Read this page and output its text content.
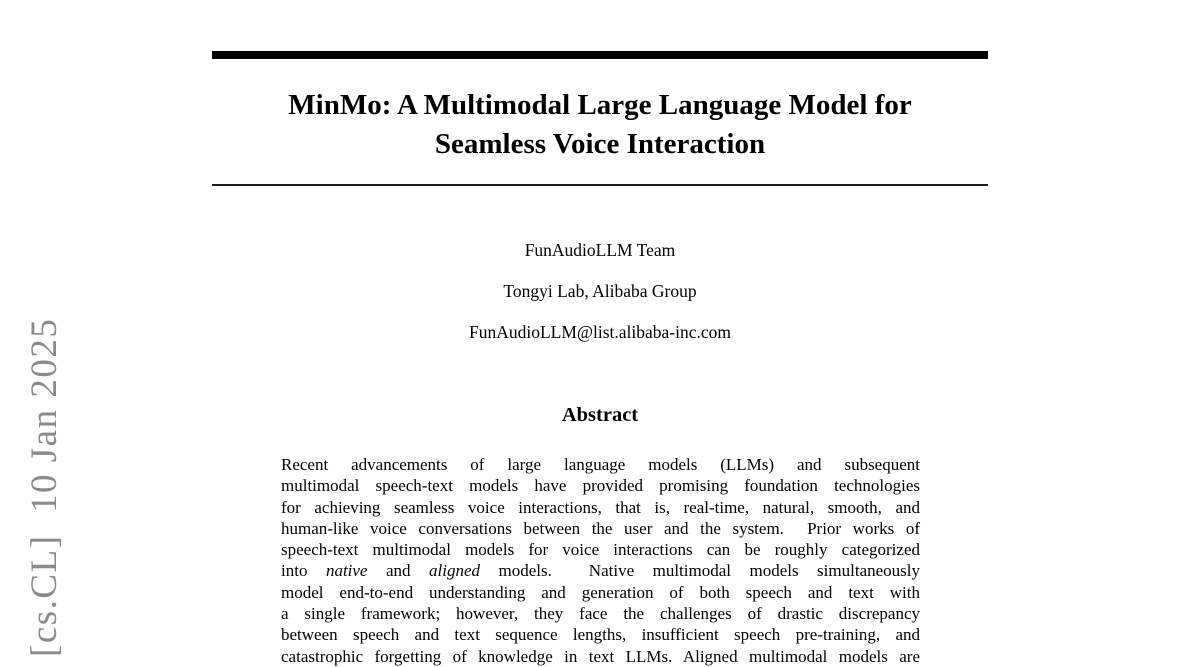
[cs.CL]  10 Jan 2025
MinMo: A Multimodal Large Language Model for
Seamless Voice Interaction
FunAudioLLM Team
Tongyi Lab, Alibaba Group
FunAudioLLM@list.alibaba-inc.com
Abstract
Recent advancements of large language models (LLMs) and subsequent
multimodal speech-text models have provided promising foundation technologies
for achieving seamless voice interactions, that is, real-time, natural, smooth, and
human-like voice conversations between the user and the system.  Prior works of
speech-text multimodal models for voice interactions can be roughly categorized
into native and aligned models.  Native multimodal models simultaneously
model end-to-end understanding and generation of both speech and text with
a single framework; however, they face the challenges of drastic discrepancy
between speech and text sequence lengths, insufficient speech pre-training, and
catastrophic forgetting of knowledge in text LLMs. Aligned multimodal models are
